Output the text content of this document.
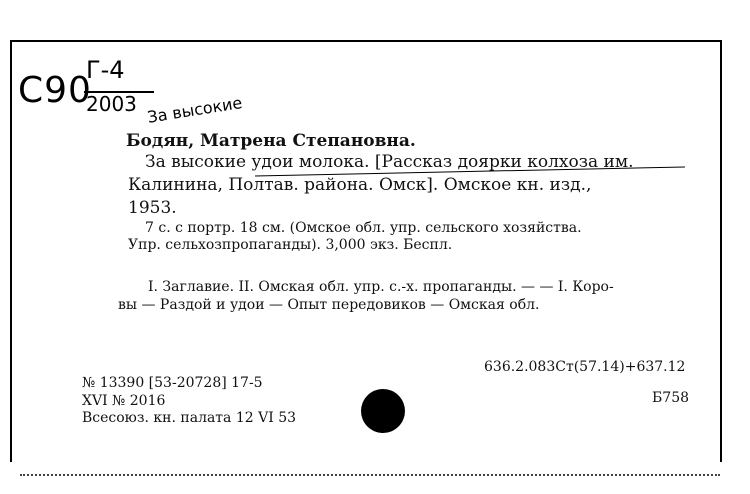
С90
Г-4
2003 За высокие
Бодян, Матрена Степановна.
За высокие удои молока. [Рассказ доярки колхоза им.
Калинина, Полтав. района. Омск]. Омское кн. изд.,
1953.
7 с. с портр. 18 см. (Омское обл. упр. сельского хозяйства.
Упр. сельхозпропаганды). 3,000 экз. Беспл.
I. Заглавие. II. Омская обл. упр. с.-х. пропаганды. — — I. Коро-
вы — Раздой и удои — Опыт передовиков — Омская обл.
№ 13390 [53-20728] 17-5
XVI № 2016
Всесоюз. кн. палата 12 VI 53
636.2.083Ст(57.14)+637.12
Б758
